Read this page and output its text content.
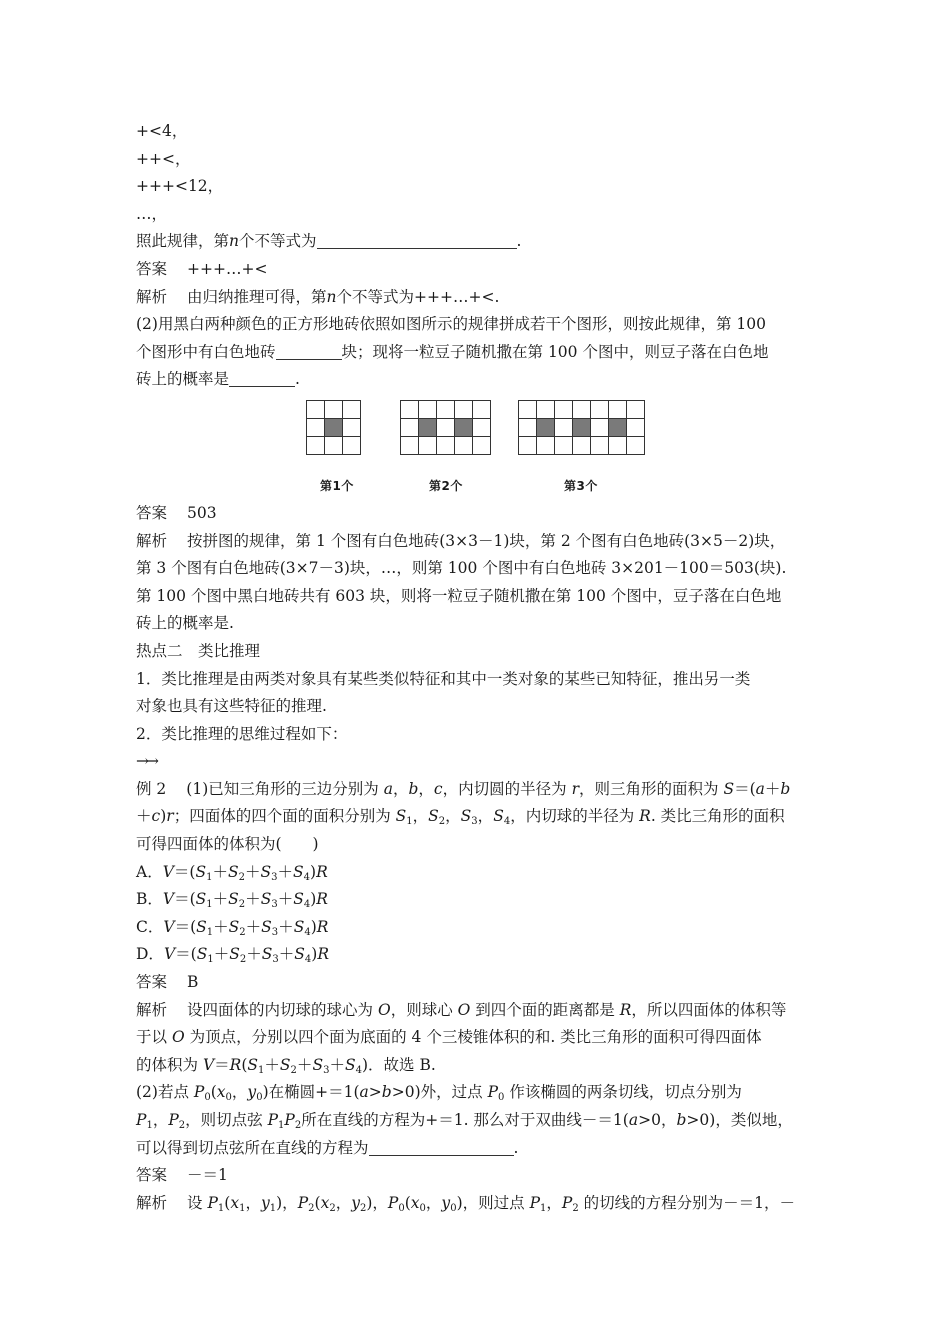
+<4，
++<，
+++<12，
…，
照此规律，第n个不等式为	.
答案 +++…+<
解析 由归纳推理可得，第n个不等式为+++…+<.
(2)用黑白两种颜色的正方形地砖依照如图所示的规律拼成若干个图形，则按此规律，第 100
个图形中有白色地砖	块；现将一粒豆子随机撒在第 100 个图中，则豆子落在白色地
砖上的概率是	.
第1个	第2个	第3个
答案 503
解析 按拼图的规律，第 1 个图有白色地砖(3×3－1)块，第 2 个图有白色地砖(3×5－2)块，
第 3 个图有白色地砖(3×7－3)块，…，则第 100 个图中有白色地砖 3×201－100＝503(块).
第 100 个图中黑白地砖共有 603 块，则将一粒豆子随机撒在第 100 个图中，豆子落在白色地
砖上的概率是.
热点二　类比推理
1．类比推理是由两类对象具有某些类似特征和其中一类对象的某些已知特征，推出另一类
对象也具有这些特征的推理.
2．类比推理的思维过程如下：
→→
例 2 (1)已知三角形的三边分别为 a，b，c，内切圆的半径为 r，则三角形的面积为 S＝(a＋b
＋c)r；四面体的四个面的面积分别为 $S_1$，$S_2$，$S_3$，$S_4$，内切球的半径为 R. 类比三角形的面积
可得四面体的体积为(　　)
A．$V=(S_1+S_2+S_3+S_4)R$
B．$V=(S_1+S_2+S_3+S_4)R$
C．$V=(S_1+S_2+S_3+S_4)R$
D．$V=(S_1+S_2+S_3+S_4)R$
答案 B
解析 设四面体的内切球的球心为 O，则球心 O 到四个面的距离都是 R，所以四面体的体积等
于以 O 为顶点，分别以四个面为底面的 4 个三棱锥体积的和. 类比三角形的面积可得四面体
的体积为 $V=R(S_1+S_2+S_3+S_4)$．故选 B.
(2)若点 $P_0(x_0$，$y_0$)在椭圆+＝1(a>b>0)外，过点 $P_0$ 作该椭圆的两条切线，切点分别为
$P_1$，$P_2$，则切点弦 $P_1P_2$所在直线的方程为+＝1. 那么对于双曲线－＝1(a>0，b>0)，类似地，
可以得到切点弦所在直线的方程为	.
答案 －＝1
解析 设 $P_1(x_1$，$y_1$)，$P_2(x_2$，$y_2$)，$P_0(x_0$，$y_0$)，则过点 $P_1$，$P_2$ 的切线的方程分别为－＝1，－
